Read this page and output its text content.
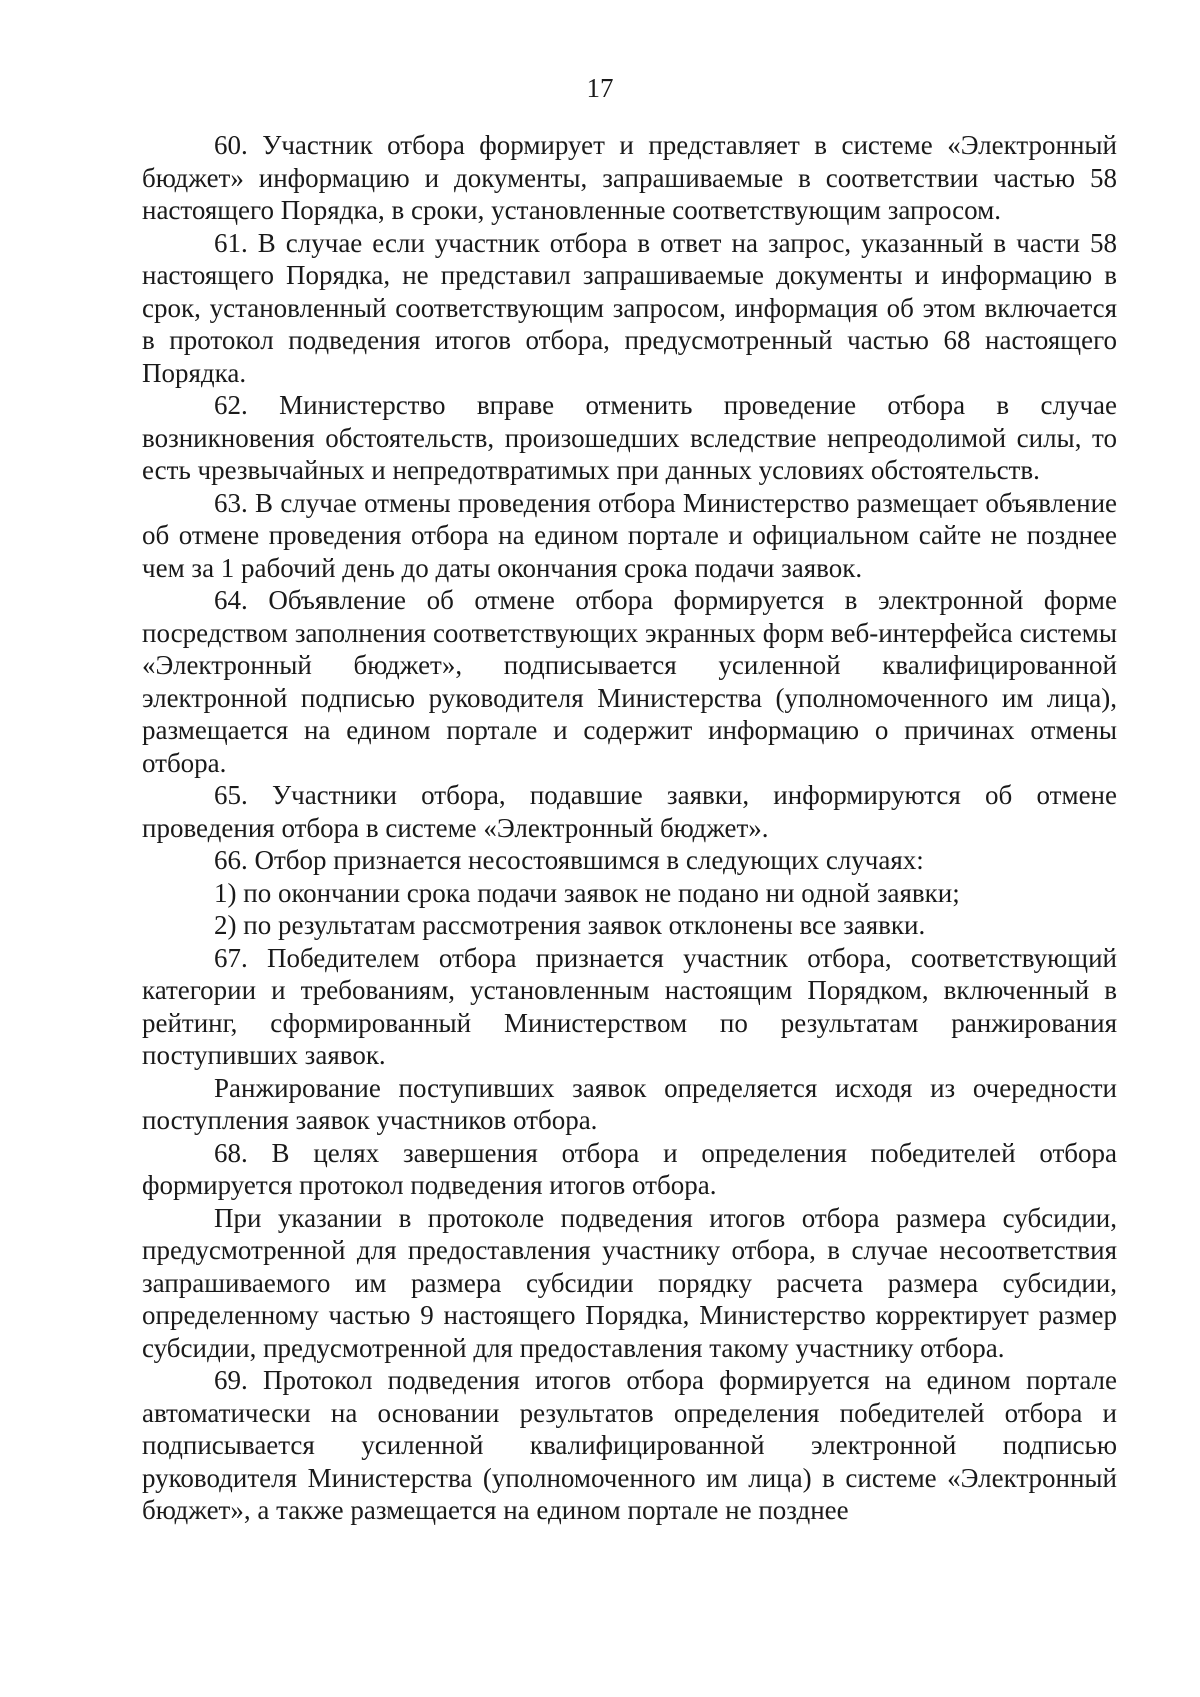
17

60. Участник отбора формирует и представляет в системе «Электронный бюджет» информацию и документы, запрашиваемые в соответствии частью 58 настоящего Порядка, в сроки, установленные соответствующим запросом.

61. В случае если участник отбора в ответ на запрос, указанный в части 58 настоящего Порядка, не представил запрашиваемые документы и информацию в срок, установленный соответствующим запросом, информация об этом включается в протокол подведения итогов отбора, предусмотренный частью 68 настоящего Порядка.

62. Министерство вправе отменить проведение отбора в случае возникновения обстоятельств, произошедших вследствие непреодолимой силы, то есть чрезвычайных и непредотвратимых при данных условиях обстоятельств.

63. В случае отмены проведения отбора Министерство размещает объявление об отмене проведения отбора на едином портале и официальном сайте не позднее чем за 1 рабочий день до даты окончания срока подачи заявок.

64. Объявление об отмене отбора формируется в электронной форме посредством заполнения соответствующих экранных форм веб-интерфейса системы «Электронный бюджет», подписывается усиленной квалифицированной электронной подписью руководителя Министерства (уполномоченного им лица), размещается на едином портале и содержит информацию о причинах отмены отбора.

65. Участники отбора, подавшие заявки, информируются об отмене проведения отбора в системе «Электронный бюджет».

66. Отбор признается несостоявшимся в следующих случаях:

1) по окончании срока подачи заявок не подано ни одной заявки;

2) по результатам рассмотрения заявок отклонены все заявки.

67. Победителем отбора признается участник отбора, соответствующий категории и требованиям, установленным настоящим Порядком, включенный в рейтинг, сформированный Министерством по результатам ранжирования поступивших заявок.

Ранжирование поступивших заявок определяется исходя из очередности поступления заявок участников отбора.

68. В целях завершения отбора и определения победителей отбора формируется протокол подведения итогов отбора.

При указании в протоколе подведения итогов отбора размера субсидии, предусмотренной для предоставления участнику отбора, в случае несоответствия запрашиваемого им размера субсидии порядку расчета размера субсидии, определенному частью 9 настоящего Порядка, Министерство корректирует размер субсидии, предусмотренной для предоставления такому участнику отбора.

69. Протокол подведения итогов отбора формируется на едином портале автоматически на основании результатов определения победителей отбора и подписывается усиленной квалифицированной электронной подписью руководителя Министерства (уполномоченного им лица) в системе «Электронный бюджет», а также размещается на едином портале не позднее
